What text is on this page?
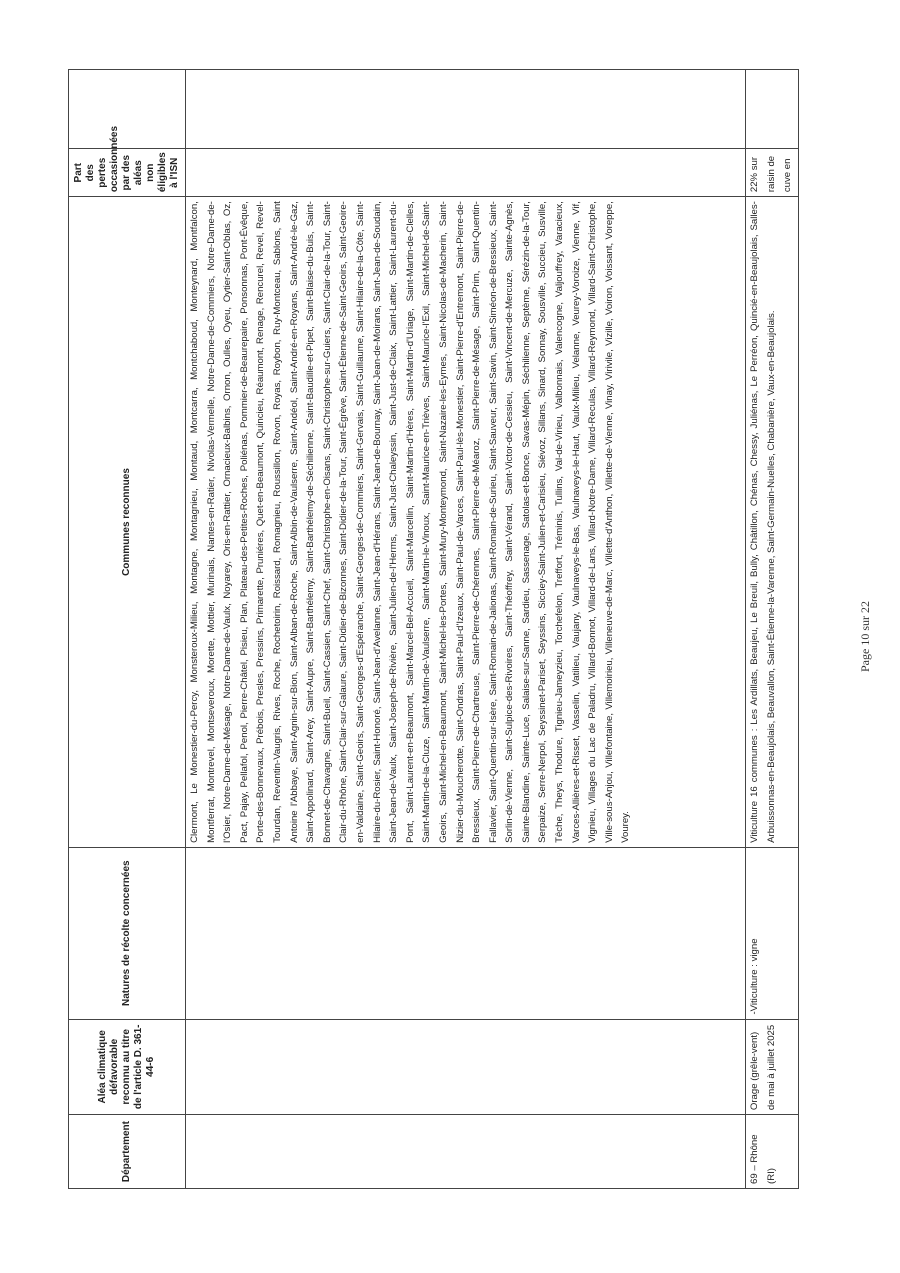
Département	Aléa climatique défavorable reconnu au titre de l'article D. 361-44-6	Natures de récolte concernées	Communes reconnues	Part des pertes occasionnées par des aléas non éligibles à l'ISN	
			Clermont, Le Monestier-du-Percy, Monsteroux-Milieu, Montagne, Montagnieu, Montaud, Montcarra, Montchaboud, Monteynard, Montfalcon, Montferrat, Montrevel, Montseveroux, Morette, Mottier, Murinais, Nantes-en-Ratier, Nivolas-Vermelle, Notre-Dame-de-Commiers, Notre-Dame-de-l'Osier, Notre-Dame-de-Mésage, Notre-Dame-de-Vaulx, Noyarey, Oris-en-Rattier, Ornacieux-Balbins, Ornon, Oulles, Oyeu, Oytier-Saint-Oblas, Oz, Pact, Pajay, Pellafol, Penol, Pierre-Châtel, Pisieu, Plan, Plateau-des-Petites-Roches, Poliénas, Pommier-de-Beaurepaire, Ponsonnas, Pont-Évêque, Porte-des-Bonnevaux, Prébois, Presles, Pressins, Primarette, Pruniéres, Quet-en-Beaumont, Quincieu, Réaumont, Renage, Rencurel, Revel, Revel-Tourdan, Reventin-Vaugris, Rives, Roche, Rochetoirin, Roissard, Romagnieu, Roussillon, Rovon, Royas, Roybon, Ruy-Montceau, Sablons, Saint Antoine l'Abbaye, Saint-Agnin-sur-Bion, Saint-Alban-de-Roche, Saint-Albin-de-Vaulserre, Saint-Andéol, Saint-André-en-Royans, Saint-André-le-Gaz, Saint-Appolinard, Saint-Arey, Saint-Aupre, Saint-Barthélemy, Saint-Barthélemy-de-Séchilienne, Saint-Baudille-et-Pipet, Saint-Blaise-du-Buis, Saint-Bonnet-de-Chavagne, Saint-Bueil, Saint-Cassien, Saint-Chef, Saint-Christophe-en-Oisans, Saint-Christophe-sur-Guiers, Saint-Clair-de-la-Tour, Saint-Clair-du-Rhône, Saint-Clair-sur-Galaure, Saint-Didier-de-Bizonnes, Saint-Didier-de-la-Tour, Saint-Égrève, Saint-Étienne-de-Saint-Geoirs, Saint-Geoire-en-Valdaine, Saint-Geoirs, Saint-Georges-d'Espéranche, Saint-Georges-de-Commiers, Saint-Gervais, Saint-Guillaume, Saint-Hilaire-de-la-Côte, Saint-Hilaire-du-Rosier, Saint-Honoré, Saint-Jean-d'Avelanne, Saint-Jean-d'Hérans, Saint-Jean-de-Bournay, Saint-Jean-de-Moirans, Saint-Jean-de-Soudain, Saint-Jean-de-Vaulx, Saint-Joseph-de-Rivière, Saint-Julien-de-l'Herms, Saint-Just-Chaleyssin, Saint-Just-de-Claix, Saint-Lattier, Saint-Laurent-du-Pont, Saint-Laurent-en-Beaumont, Saint-Marcel-Bel-Accueil, Saint-Marcellin, Saint-Martin-d'Hères, Saint-Martin-d'Uriage, Saint-Martin-de-Clelles, Saint-Martin-de-la-Cluze, Saint-Martin-de-Vaulserre, Saint-Martin-le-Vinoux, Saint-Maurice-en-Trièves, Saint-Maurice-l'Exil, Saint-Michel-de-Saint-Geoirs, Saint-Michel-en-Beaumont, Saint-Michel-les-Portes, Saint-Mury-Monteymond, Saint-Nazaire-les-Eymes, Saint-Nicolas-de-Macherin, Saint-Nizier-du-Moucherotte, Saint-Ondras, Saint-Paul-d'Izeaux, Saint-Paul-de-Varces, Saint-Paul-lès-Monestier, Saint-Pierre-d'Entremont, Saint-Pierre-de-Bressieux, Saint-Pierre-de-Chartreuse, Saint-Pierre-de-Chérennes, Saint-Pierre-de-Méaroz, Saint-Pierre-de-Mésage, Saint-Prim, Saint-Quentin-Fallavier, Saint-Quentin-sur-Isère, Saint-Romain-de-Jalionas, Saint-Romain-de-Surieu, Saint-Sauveur, Saint-Savin, Saint-Siméon-de-Bressieux, Saint-Sorlin-de-Vienne, Saint-Sulpice-des-Rivoires, Saint-Théoffrey, Saint-Vérand, Saint-Victor-de-Cessieu, Saint-Vincent-de-Mercuze, Sainte-Agnès, Sainte-Blandine, Sainte-Luce, Salaise-sur-Sanne, Sardieu, Sassenage, Satolas-et-Bonce, Savas-Mépin, Séchilienne, Septème, Sérézin-de-la-Tour, Serpaize, Serre-Nerpol, Seyssinet-Pariset, Seyssins, Sicciey-Saint-Julien-et-Carisieu, Siévoz, Sillans, Sinard, Sonnay, Sousville, Succieu, Susville, Têche, Theys, Thodure, Tignieu-Jameyzieu, Torchefelon, Treffort, Tréminis, Tullins, Val-de-Virieu, Valbonnais, Valencogne, Valjouffrey, Varacieux, Varces-Allières-et-Risset, Vasselin, Vatilieu, Vaujany, Vaulnaveys-le-Bas, Vaulnaveys-le-Haut, Vaulx-Milieu, Velanne, Veurey-Voroize, Vienne, Vif, Vignieu, Villages du Lac de Paladru, Villard-Bonnot, Villard-de-Lans, Villard-Notre-Dame, Villard-Reculas, Villard-Reymond, Villard-Saint-Christophe, Ville-sous-Anjou, Villefontaine, Villemoirieu, Villeneuve-de-Marc, Villette-d'Anthon, Villette-de-Vienne, Vinay, Virivile, Vizille, Voiron, Voissant, Voreppe, Vourey.		
69 – Rhône (RI)	Orage (grêle-vent) de mai à juillet 2025	-Viticulture : vigne	Viticulture 16 communes : Les Ardillats, Beaujeu, Le Breuil, Bully, Châtillon, Chénas, Chessy, Juliénas, Le Perréon, Quincié-en-Beaujolais, Salles-Arbuissonnas-en-Beaujolais, Beauvallon, Saint-Étienne-la-Varenne, Saint-Germain-Nuelles, Chabanière, Vaux-en-Beaujolais.	22% sur raisin de cuve en	
Page 10 sur 22
